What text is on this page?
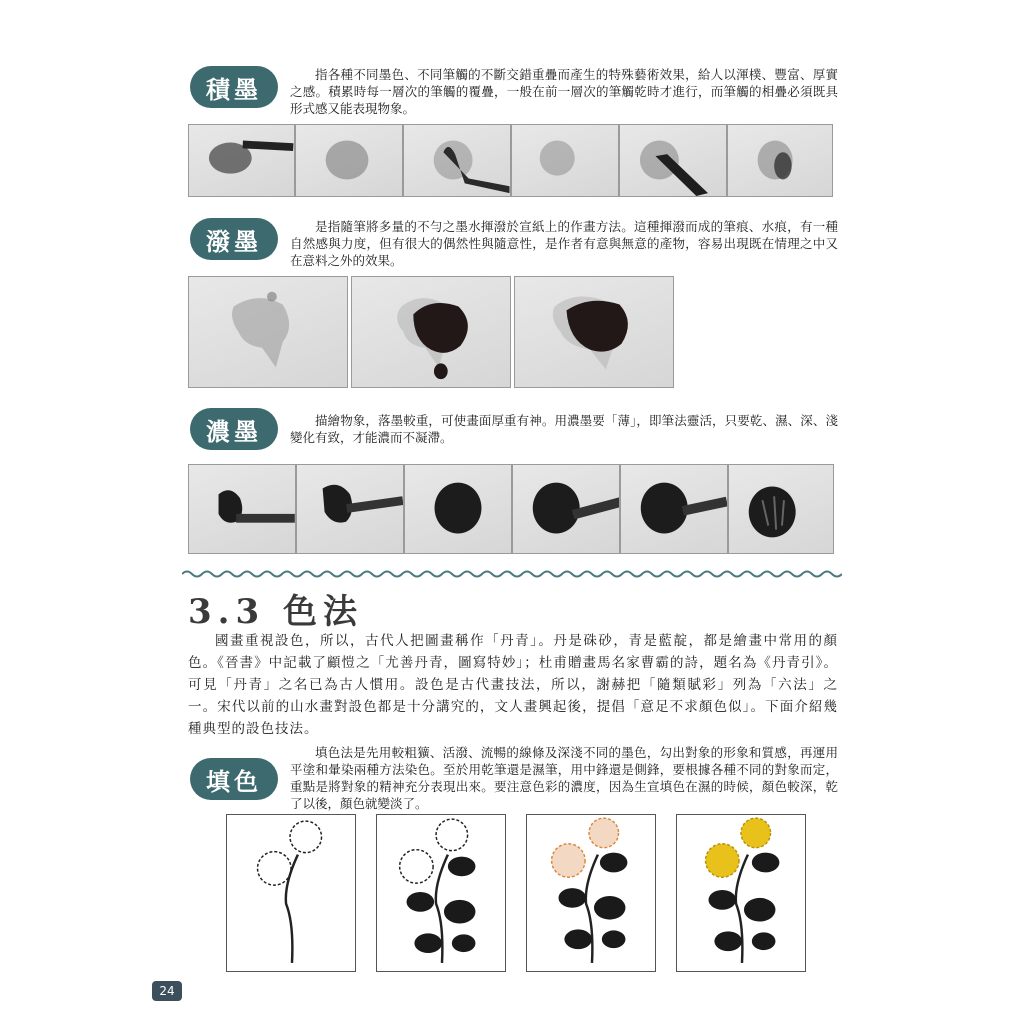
積墨	指各種不同墨色、不同筆觸的不斷交錯重疊而產生的特殊藝術效果，給人以渾樸、豐富、厚實之感。積累時每一層次的筆觸的覆疊，一般在前一層次的筆觸乾時才進行，而筆觸的相疊必須既具形式感又能表現物象。
潑墨	是指隨筆將多量的不勻之墨水揮潑於宣紙上的作畫方法。這種揮潑而成的筆痕、水痕，有一種自然感與力度，但有很大的偶然性與隨意性，是作者有意與無意的產物，容易出現既在情理之中又在意料之外的效果。
濃墨	描繪物象，落墨較重，可使畫面厚重有神。用濃墨要「薄」，即筆法靈活，只要乾、濕、深、淺變化有致，才能濃而不凝滯。
3.3 色法
國畫重視設色，所以，古代人把圖畫稱作「丹青」。丹是硃砂，青是藍靛，都是繪畫中常用的顏色。《晉書》中記載了顧愷之「尤善丹青，圖寫特妙」；杜甫贈畫馬名家曹霸的詩，題名為《丹青引》。可見「丹青」之名已為古人慣用。設色是古代畫技法，所以，謝赫把「隨類賦彩」列為「六法」之一。宋代以前的山水畫對設色都是十分講究的，文人畫興起後，提倡「意足不求顏色似」。下面介紹幾種典型的設色技法。
填色
填色法是先用較粗獷、活潑、流暢的線條及深淺不同的墨色，勾出對象的形象和質感，再運用平塗和暈染兩種方法染色。至於用乾筆還是濕筆，用中鋒還是側鋒，要根據各種不同的對象而定，重點是將對象的精神充分表現出來。要注意色彩的濃度，因為生宣填色在濕的時候，顏色較深，乾了以後，顏色就變淡了。
24
